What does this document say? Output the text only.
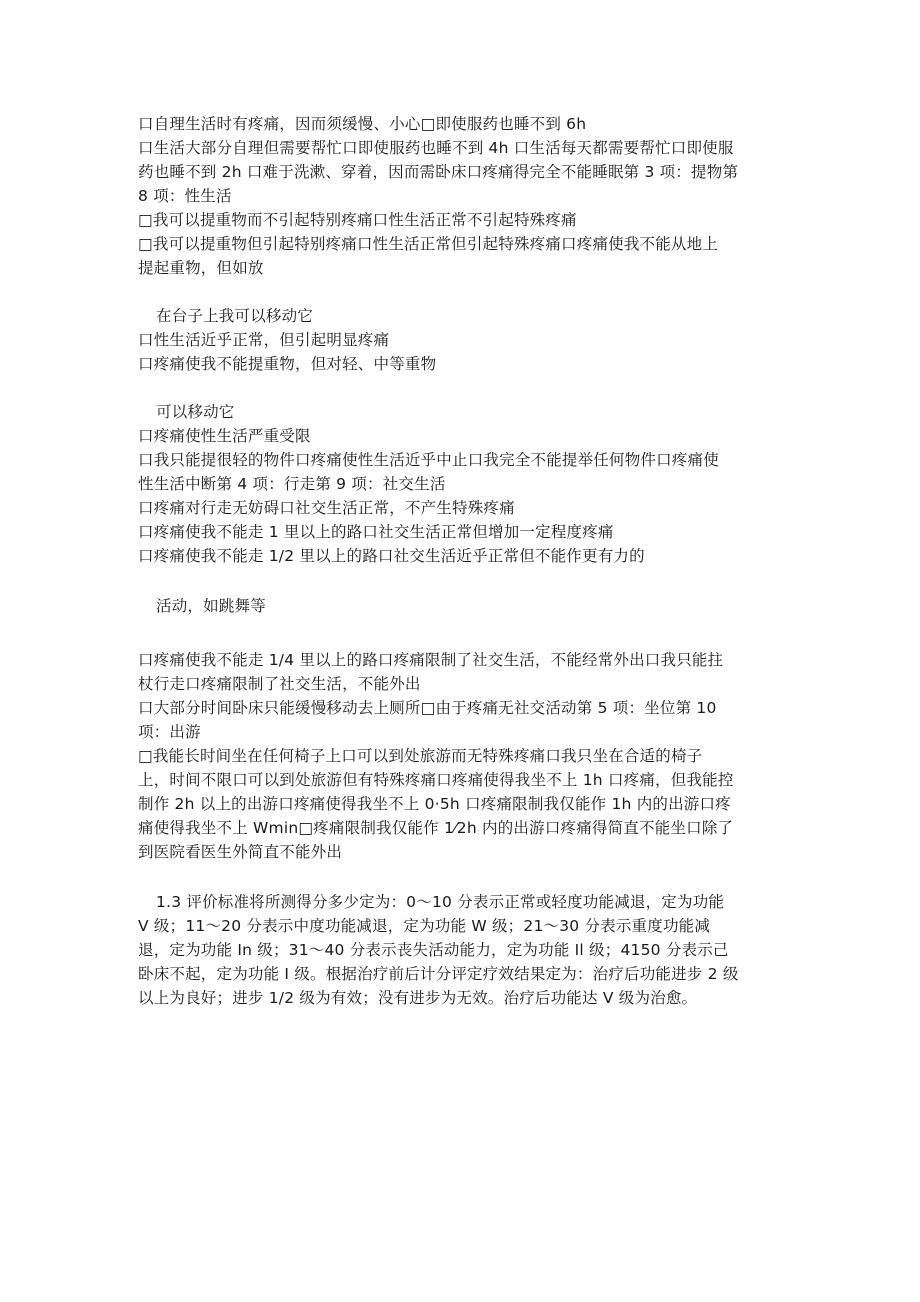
口自理生活时有疼痛，因而须缓慢、小心□即使服药也睡不到 6h
口生活大部分自理但需要帮忙口即使服药也睡不到 4h 口生活每天都需要帮忙口即使服
药也睡不到 2h 口难于洗漱、穿着，因而需卧床口疼痛得完全不能睡眠第 3 项：提物第
8 项：性生活
□我可以提重物而不引起特别疼痛口性生活正常不引起特殊疼痛
□我可以提重物但引起特别疼痛口性生活正常但引起特殊疼痛口疼痛使我不能从地上
提起重物，但如放
在台子上我可以移动它
口性生活近乎正常，但引起明显疼痛
口疼痛使我不能提重物，但对轻、中等重物
可以移动它
口疼痛使性生活严重受限
口我只能提很轻的物件口疼痛使性生活近乎中止口我完全不能提举任何物件口疼痛使
性生活中断第 4 项：行走第 9 项：社交生活
口疼痛对行走无妨碍口社交生活正常，不产生特殊疼痛
口疼痛使我不能走 1 里以上的路口社交生活正常但增加一定程度疼痛
口疼痛使我不能走 1/2 里以上的路口社交生活近乎正常但不能作更有力的
活动，如跳舞等
口疼痛使我不能走 1/4 里以上的路口疼痛限制了社交生活，不能经常外出口我只能拄
杖行走口疼痛限制了社交生活，不能外出
口大部分时间卧床只能缓慢移动去上厕所□由于疼痛无社交活动第 5 项：坐位第 10
项：出游
□我能长时间坐在任何椅子上口可以到处旅游而无特殊疼痛口我只坐在合适的椅子
上，时间不限口可以到处旅游但有特殊疼痛口疼痛使得我坐不上 1h 口疼痛，但我能控
制作 2h 以上的出游口疼痛使得我坐不上 0·5h 口疼痛限制我仅能作 1h 内的出游口疼
痛使得我坐不上 Wmin□疼痛限制我仅能作 1⁄2h 内的出游口疼痛得简直不能坐口除了
到医院看医生外简直不能外出
1.3 评价标准将所测得分多少定为：0～10 分表示正常或轻度功能减退，定为功能
V 级；11～20 分表示中度功能减退，定为功能 W 级；21～30 分表示重度功能减
退，定为功能 In 级；31～40 分表示丧失活动能力，定为功能 Il 级；4150 分表示己
卧床不起，定为功能 I 级。根据治疗前后计分评定疗效结果定为：治疗后功能进步 2 级
以上为良好；进步 1/2 级为有效；没有进步为无效。治疗后功能达 V 级为治愈。
